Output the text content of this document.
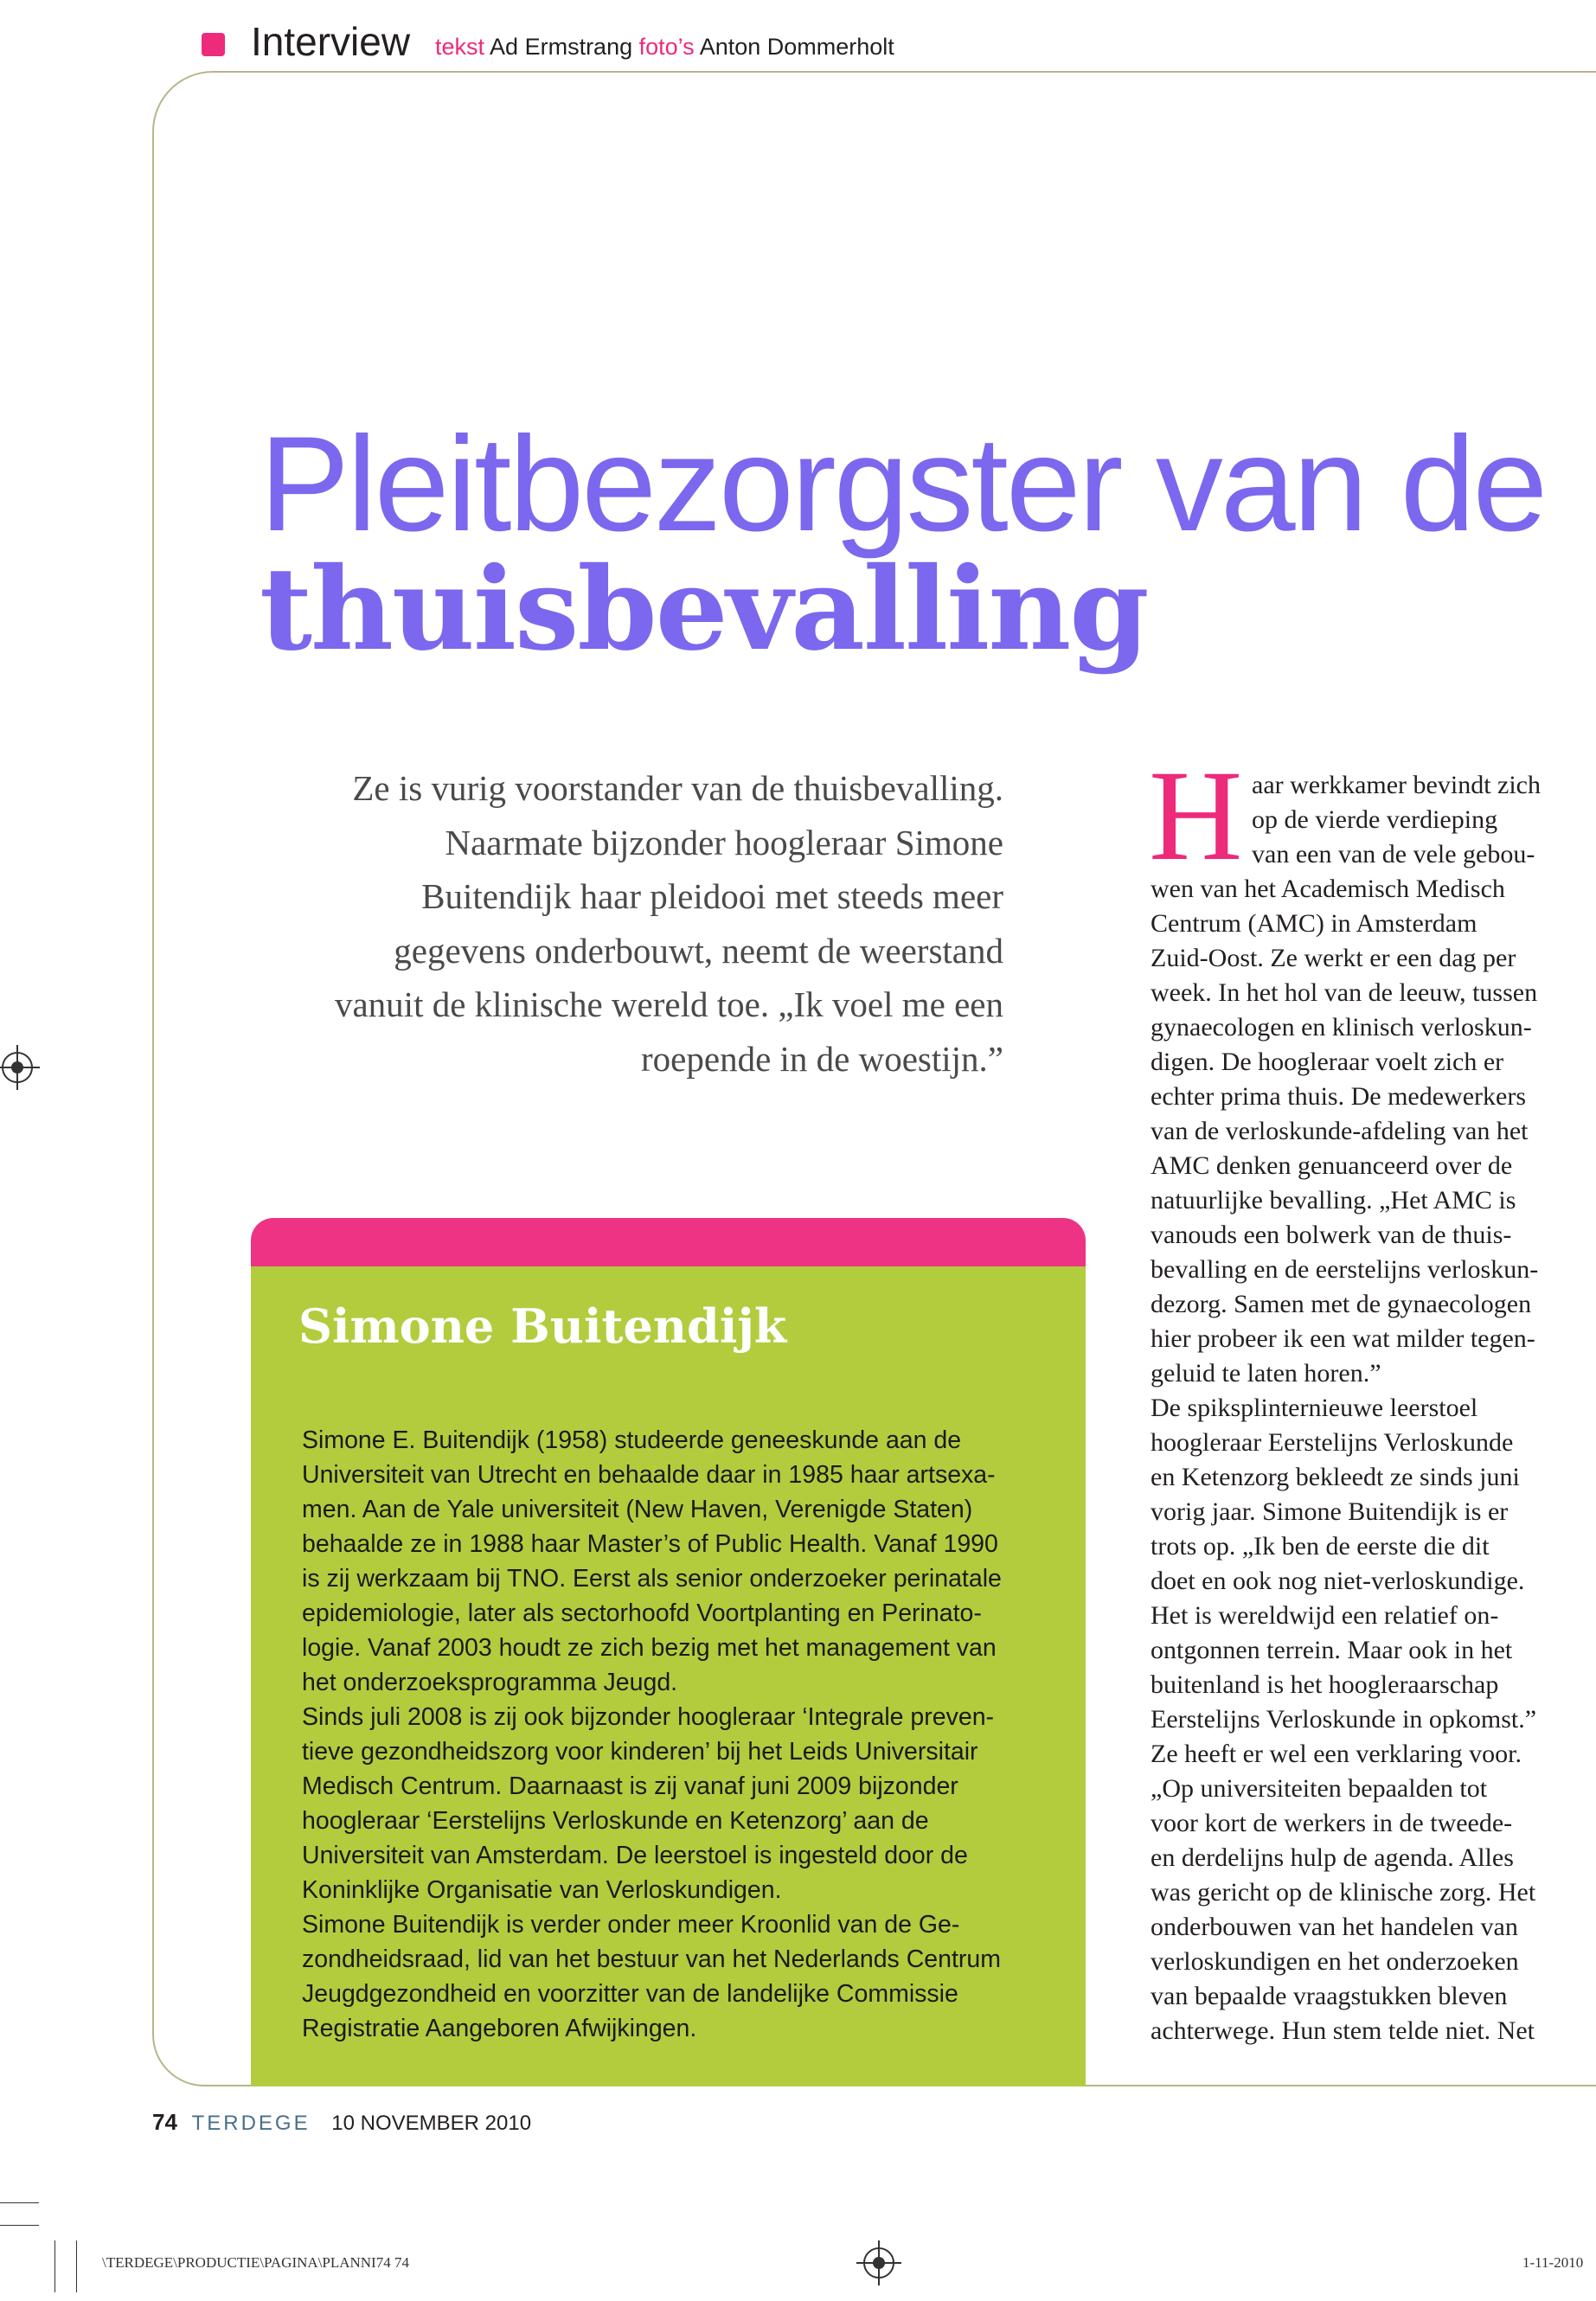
Interview tekst Ad Ermstrang foto’s Anton Dommerholt
Pleitbezorgster van de
thuisbevalling
Ze is vurig voorstander van de thuisbevalling.
Naarmate bijzonder hoogleraar Simone
Buitendijk haar pleidooi met steeds meer
gegevens onderbouwt, neemt de weerstand
vanuit de klinische wereld toe. „Ik voel me een
roepende in de woestijn.”
Simone Buitendijk
Simone E. Buitendijk (1958) studeerde geneeskunde aan de
Universiteit van Utrecht en behaalde daar in 1985 haar artsexa-
men. Aan de Yale universiteit (New Haven, Verenigde Staten)
behaalde ze in 1988 haar Master’s of Public Health. Vanaf 1990
is zij werkzaam bij TNO. Eerst als senior onderzoeker perinatale
epidemiologie, later als sectorhoofd Voortplanting en Perinato-
logie. Vanaf 2003 houdt ze zich bezig met het management van
het onderzoeksprogramma Jeugd.
Sinds juli 2008 is zij ook bijzonder hoogleraar ‘Integrale preven-
tieve gezondheidszorg voor kinderen’ bij het Leids Universitair
Medisch Centrum. Daarnaast is zij vanaf juni 2009 bijzonder
hoogleraar ‘Eerstelijns Verloskunde en Ketenzorg’ aan de
Universiteit van Amsterdam. De leerstoel is ingesteld door de
Koninklijke Organisatie van Verloskundigen.
Simone Buitendijk is verder onder meer Kroonlid van de Ge-
zondheidsraad, lid van het bestuur van het Nederlands Centrum
Jeugdgezondheid en voorzitter van de landelijke Commissie
Registratie Aangeboren Afwijkingen.
H aar werkkamer bevindt zich
op de vierde verdieping
van een van de vele gebou-
wen van het Academisch Medisch
Centrum (AMC) in Amsterdam
Zuid-Oost. Ze werkt er een dag per
week. In het hol van de leeuw, tussen
gynaecologen en klinisch verloskun-
digen. De hoogleraar voelt zich er
echter prima thuis. De medewerkers
van de verloskunde-afdeling van het
AMC denken genuanceerd over de
natuurlijke bevalling. „Het AMC is
vanouds een bolwerk van de thuis-
bevalling en de eerstelijns verloskun-
dezorg. Samen met de gynaecologen
hier probeer ik een wat milder tegen-
geluid te laten horen.”
De spiksplinternieuwe leerstoel
hoogleraar Eerstelijns Verloskunde
en Ketenzorg bekleedt ze sinds juni
vorig jaar. Simone Buitendijk is er
trots op. „Ik ben de eerste die dit
doet en ook nog niet-verloskundige.
Het is wereldwijd een relatief on-
ontgonnen terrein. Maar ook in het
buitenland is het hoogleraarschap
Eerstelijns Verloskunde in opkomst.”
Ze heeft er wel een verklaring voor.
„Op universiteiten bepaalden tot
voor kort de werkers in de tweede-
en derdelijns hulp de agenda. Alles
was gericht op de klinische zorg. Het
onderbouwen van het handelen van
verloskundigen en het onderzoeken
van bepaalde vraagstukken bleven
achterwege. Hun stem telde niet. Net
74 TERDEGE 10 NOVEMBER 2010
\TERDEGE\PRODUCTIE\PAGINA\PLANNI74 74	1-11-2010
